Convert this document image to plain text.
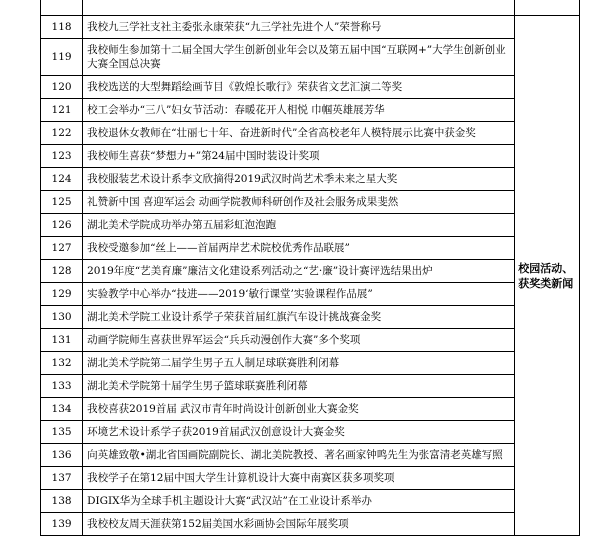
118	我校九三学社支社主委张永康荣获“九三学社先进个人”荣誉称号	校园活动、获奖类新闻
119	我校师生参加第十二届全国大学生创新创业年会以及第五届中国“互联网+”大学生创新创业大赛全国总决赛	
120	我校选送的大型舞蹈绘画节目《敦煌长歌行》荣获省文艺汇演二等奖	
121	校工会举办“三八”妇女节活动：春暖花开人相悦 巾帼英雄展芳华	
122	我校退休女教师在“壮丽七十年、奋进新时代”全省高校老年人模特展示比赛中获金奖	
123	我校师生喜获“梦想力+”第24届中国时装设计奖项	
124	我校服装艺术设计系李文欣摘得2019武汉时尚艺术季未来之星大奖	
125	礼赞新中国 喜迎军运会 动画学院教师科研创作及社会服务成果斐然	
126	湖北美术学院成功举办第五届彩虹泡泡跑	
127	我校受邀参加“丝上——首届两岸艺术院校优秀作品联展”	
128	2019年度“艺美育廉”廉洁文化建设系列活动之“艺·廉”设计赛评选结果出炉	
129	实验教学中心举办“技进——2019‘敏行课堂’实验课程作品展”	
130	湖北美术学院工业设计系学子荣获首届红旗汽车设计挑战赛金奖	
131	动画学院师生喜获世界军运会“兵兵动漫创作大赛”多个奖项	
132	湖北美术学院第二届学生男子五人制足球联赛胜利闭幕	
133	湖北美术学院第十届学生男子篮球联赛胜利闭幕	
134	我校喜获2019首届 武汉市青年时尚设计创新创业大赛金奖	
135	环境艺术设计系学子获2019首届武汉创意设计大赛金奖	
136	向英雄致敬•湖北省国画院副院长、湖北美院教授、著名画家钟鸣先生为张富清老英雄写照	
137	我校学子在第12届中国大学生计算机设计大赛中南赛区获多项奖项	
138	DIGIX华为全球手机主题设计大赛“武汉站”在工业设计系举办	
139	我校校友周天涯获第152届美国水彩画协会国际年展奖项	
